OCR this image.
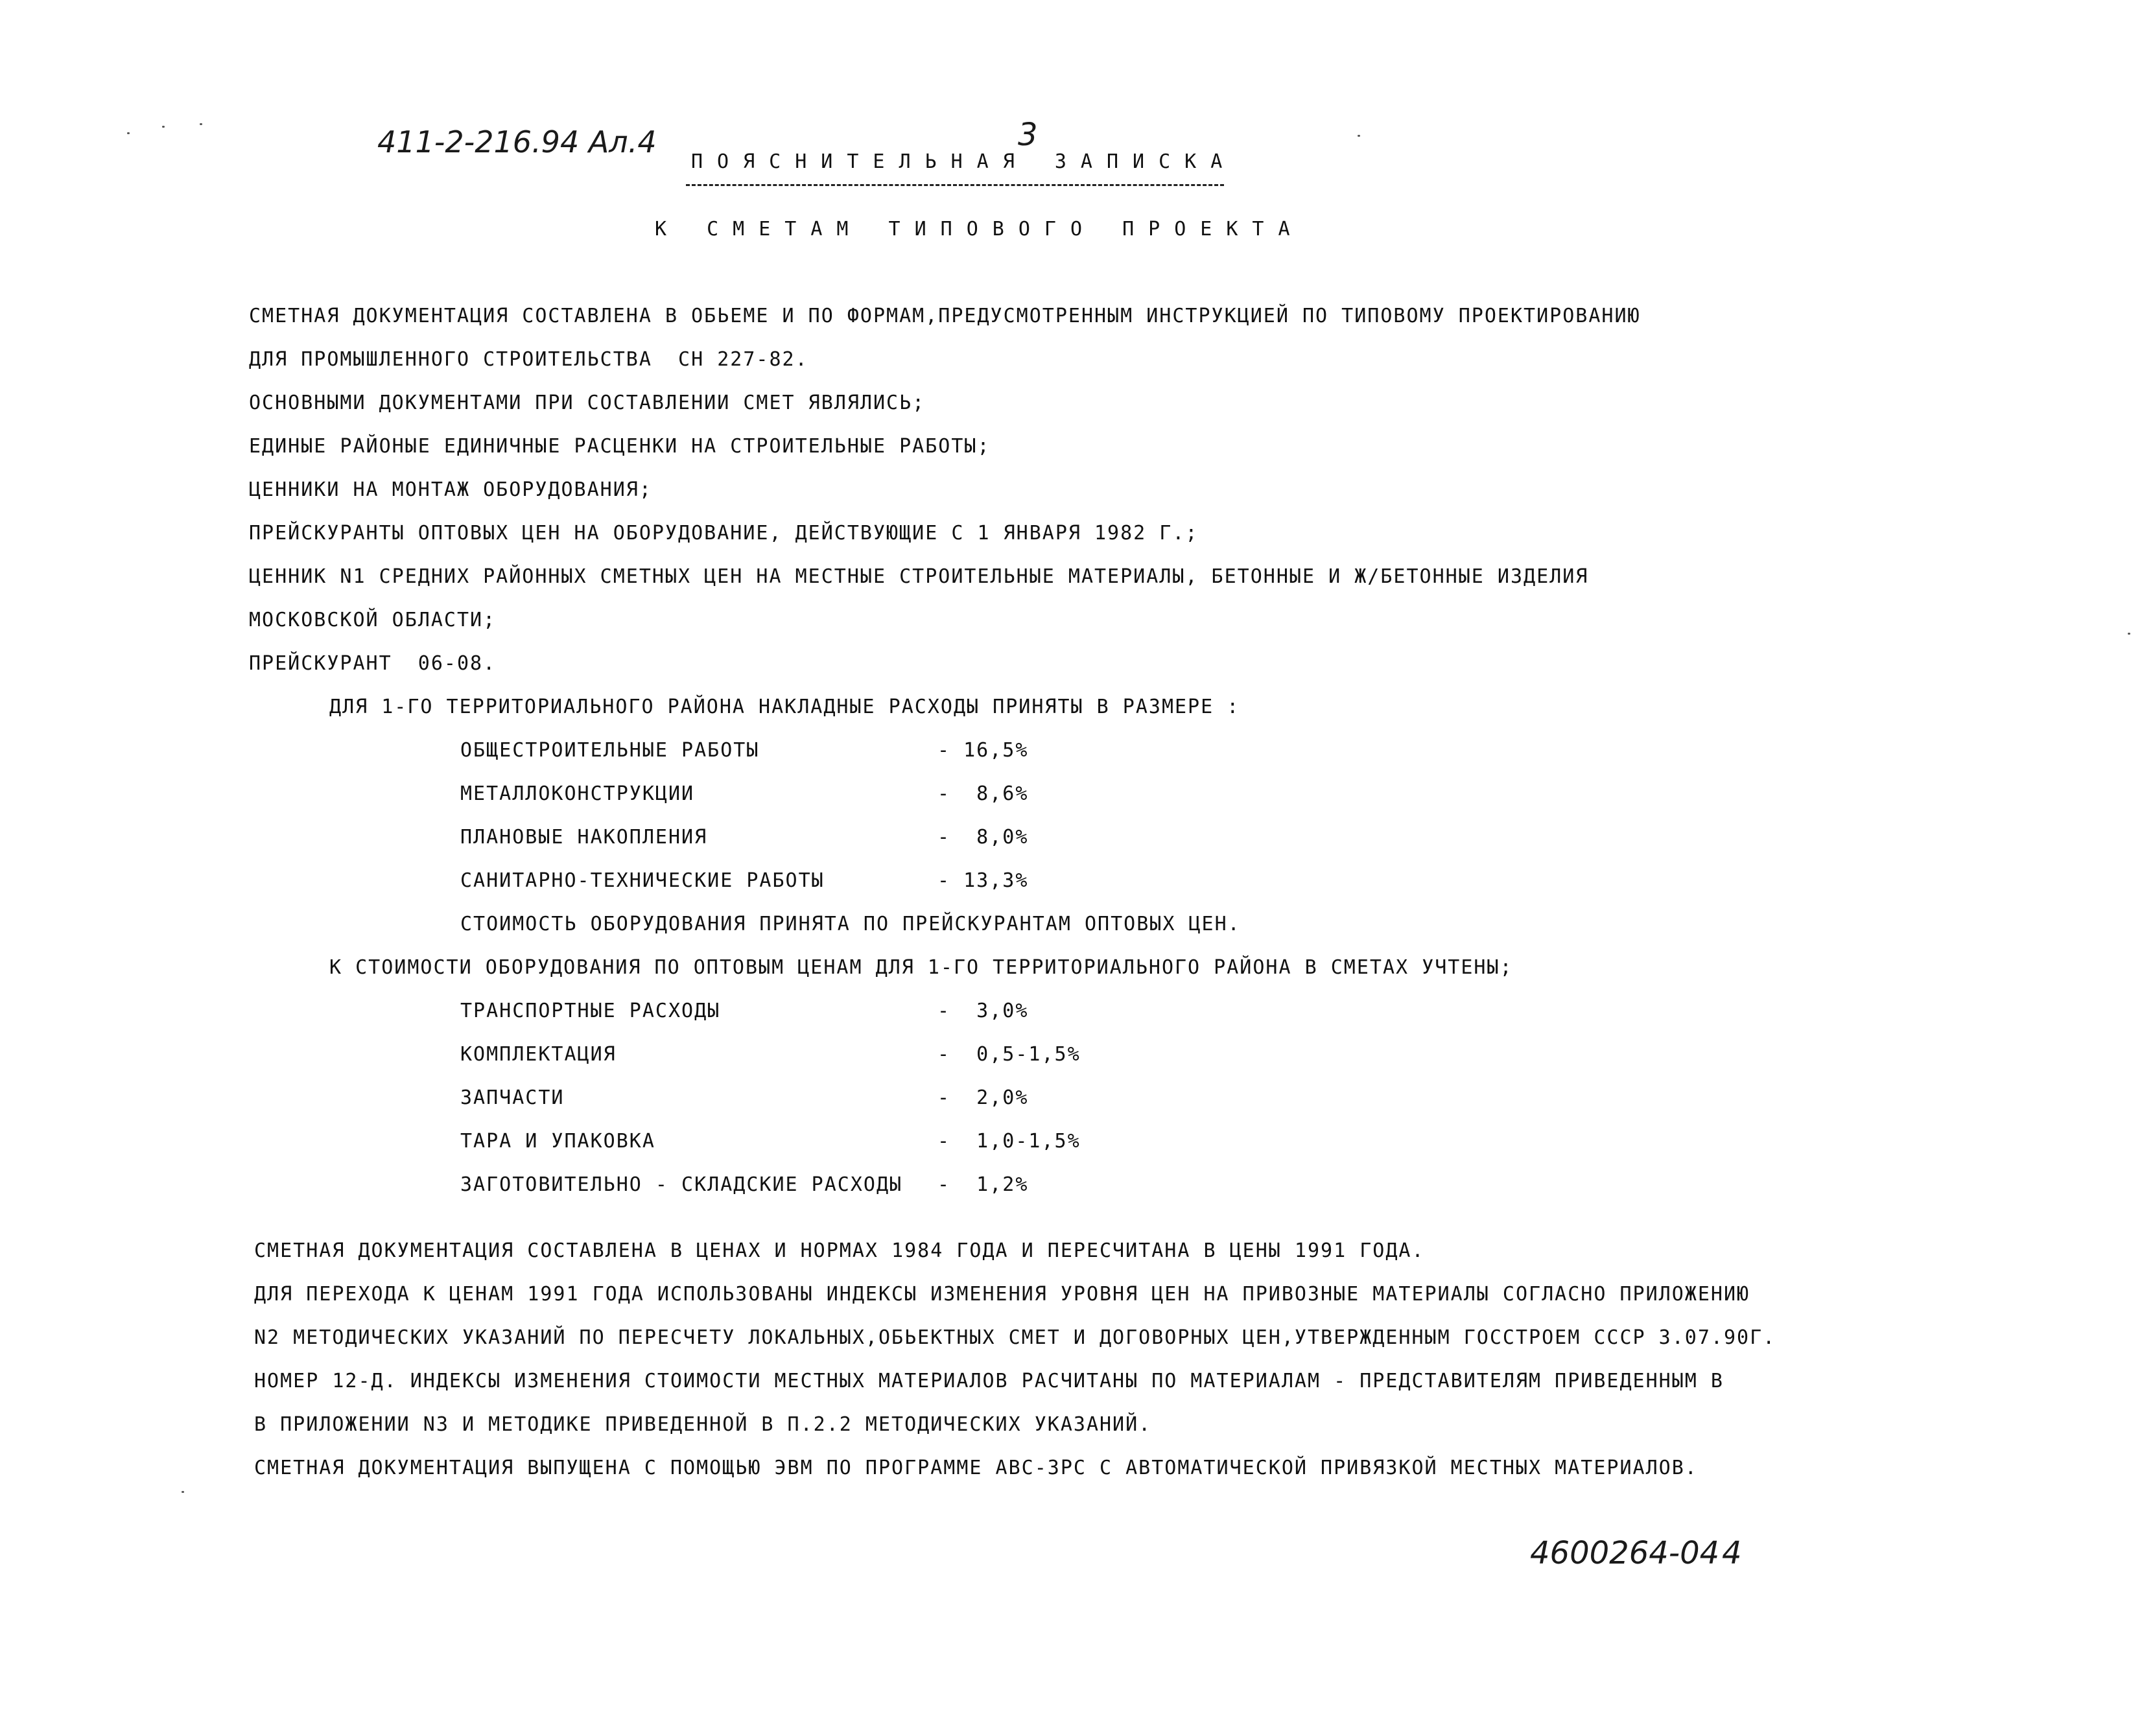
411-2-216.94 Ал.4	3
4600264-04 4
ПОЯСНИТЕЛЬНАЯ ЗАПИСКА
К СМЕТАМ ТИПОВОГО ПРОЕКТА
СМЕТНАЯ ДОКУМЕНТАЦИЯ СОСТАВЛЕНА В ОБЬЕМЕ И ПО ФОРМАМ,ПРЕДУСМОТРЕННЫМ ИНСТРУКЦИЕЙ ПО ТИПОВОМУ ПРОЕКТИРОВАНИЮ
ДЛЯ ПРОМЫШЛЕННОГО СТРОИТЕЛЬСТВА  СН 227-82.
ОСНОВНЫМИ ДОКУМЕНТАМИ ПРИ СОСТАВЛЕНИИ СМЕТ ЯВЛЯЛИСЬ;
ЕДИНЫЕ РАЙОНЫЕ ЕДИНИЧНЫЕ РАСЦЕНКИ НА СТРОИТЕЛЬНЫЕ РАБОТЫ;
ЦЕННИКИ НА МОНТАЖ ОБОРУДОВАНИЯ;
ПРЕЙСКУРАНТЫ ОПТОВЫХ ЦЕН НА ОБОРУДОВАНИЕ, ДЕЙСТВУЮЩИЕ С 1 ЯНВАРЯ 1982 Г.;
ЦЕННИК N1 СРЕДНИХ РАЙОННЫХ СМЕТНЫХ ЦЕН НА МЕСТНЫЕ СТРОИТЕЛЬНЫЕ МАТЕРИАЛЫ, БЕТОННЫЕ И Ж/БЕТОННЫЕ ИЗДЕЛИЯ
МОСКОВСКОЙ ОБЛАСТИ;
ПРЕЙСКУРАНТ  06-08.
ДЛЯ 1-ГО ТЕРРИТОРИАЛЬНОГО РАЙОНА НАКЛАДНЫЕ РАСХОДЫ ПРИНЯТЫ В РАЗМЕРЕ :
ОБЩЕСТРОИТЕЛЬНЫЕ РАБОТЫ	- 16,5%
МЕТАЛЛОКОНСТРУКЦИИ	-  8,6%
ПЛАНОВЫЕ НАКОПЛЕНИЯ	-  8,0%
САНИТАРНО-ТЕХНИЧЕСКИЕ РАБОТЫ	- 13,3%
СТОИМОСТЬ ОБОРУДОВАНИЯ ПРИНЯТА ПО ПРЕЙСКУРАНТАМ ОПТОВЫХ ЦЕН.
К СТОИМОСТИ ОБОРУДОВАНИЯ ПО ОПТОВЫМ ЦЕНАМ ДЛЯ 1-ГО ТЕРРИТОРИАЛЬНОГО РАЙОНА В СМЕТАХ УЧТЕНЫ;
ТРАНСПОРТНЫЕ РАСХОДЫ	-  3,0%
КОМПЛЕКТАЦИЯ	-  0,5-1,5%
ЗАПЧАСТИ	-  2,0%
ТАРА И УПАКОВКА	-  1,0-1,5%
ЗАГОТОВИТЕЛЬНО - СКЛАДСКИЕ РАСХОДЫ -  1,2%
СМЕТНАЯ ДОКУМЕНТАЦИЯ СОСТАВЛЕНА В ЦЕНАХ И НОРМАХ 1984 ГОДА И ПЕРЕСЧИТАНА В ЦЕНЫ 1991 ГОДА.
ДЛЯ ПЕРЕХОДА К ЦЕНАМ 1991 ГОДА ИСПОЛЬЗОВАНЫ ИНДЕКСЫ ИЗМЕНЕНИЯ УРОВНЯ ЦЕН НА ПРИВОЗНЫЕ МАТЕРИАЛЫ СОГЛАСНО ПРИЛОЖЕНИЮ
N2 МЕТОДИЧЕСКИХ УКАЗАНИЙ ПО ПЕРЕСЧЕТУ ЛОКАЛЬНЫХ,ОБЬЕКТНЫХ СМЕТ И ДОГОВОРНЫХ ЦЕН,УТВЕРЖДЕННЫМ ГОССТРОЕМ СССР 3.07.90Г.
НОМЕР 12-Д. ИНДЕКСЫ ИЗМЕНЕНИЯ СТОИМОСТИ МЕСТНЫХ МАТЕРИАЛОВ РАСЧИТАНЫ ПО МАТЕРИАЛАМ - ПРЕДСТАВИТЕЛЯМ ПРИВЕДЕННЫМ В
В ПРИЛОЖЕНИИ N3 И МЕТОДИКЕ ПРИВЕДЕННОЙ В П.2.2 МЕТОДИЧЕСКИХ УКАЗАНИЙ.
СМЕТНАЯ ДОКУМЕНТАЦИЯ ВЫПУЩЕНА С ПОМОЩЬЮ ЭВМ ПО ПРОГРАММЕ АВС-3РС С АВТОМАТИЧЕСКОЙ ПРИВЯЗКОЙ МЕСТНЫХ МАТЕРИАЛОВ.
